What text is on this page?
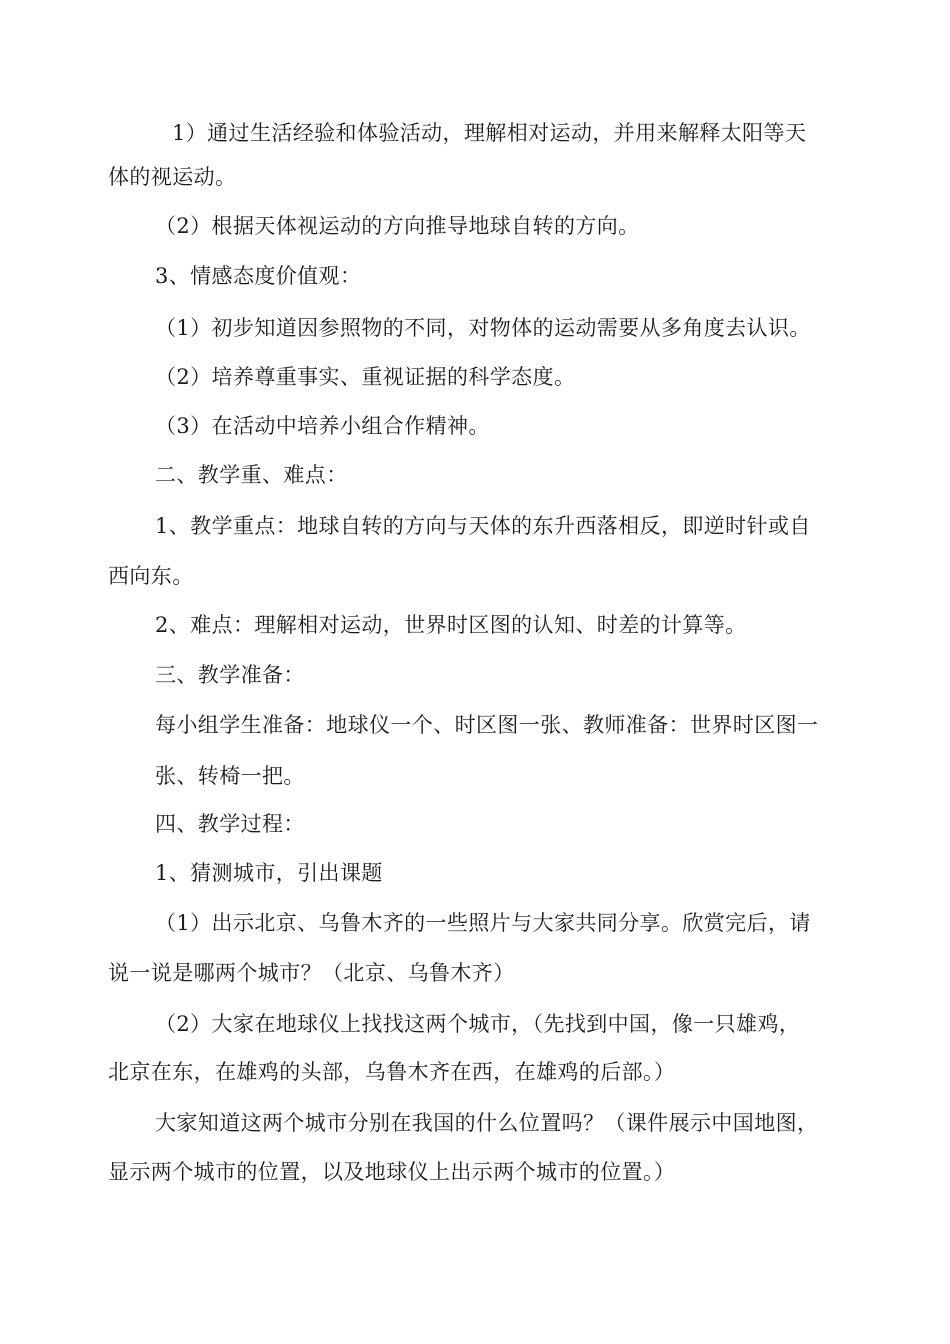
1）通过生活经验和体验活动，理解相对运动，并用来解释太阳等天
体的视运动。
（2）根据天体视运动的方向推导地球自转的方向。
3、情感态度价值观：
（1）初步知道因参照物的不同，对物体的运动需要从多角度去认识。
（2）培养尊重事实、重视证据的科学态度。
（3）在活动中培养小组合作精神。
二、教学重、难点：
1、教学重点：地球自转的方向与天体的东升西落相反，即逆时针或自
西向东。
2、难点：理解相对运动，世界时区图的认知、时差的计算等。
三、教学准备：
每小组学生准备：地球仪一个、时区图一张、教师准备：世界时区图一
张、转椅一把。
四、教学过程：
1、猜测城市，引出课题
（1）出示北京、乌鲁木齐的一些照片与大家共同分享。欣赏完后，请
说一说是哪两个城市？（北京、乌鲁木齐）
（2）大家在地球仪上找找这两个城市，（先找到中国，像一只雄鸡，
北京在东，在雄鸡的头部，乌鲁木齐在西，在雄鸡的后部。）
大家知道这两个城市分别在我国的什么位置吗？（课件展示中国地图，
显示两个城市的位置，以及地球仪上出示两个城市的位置。）
